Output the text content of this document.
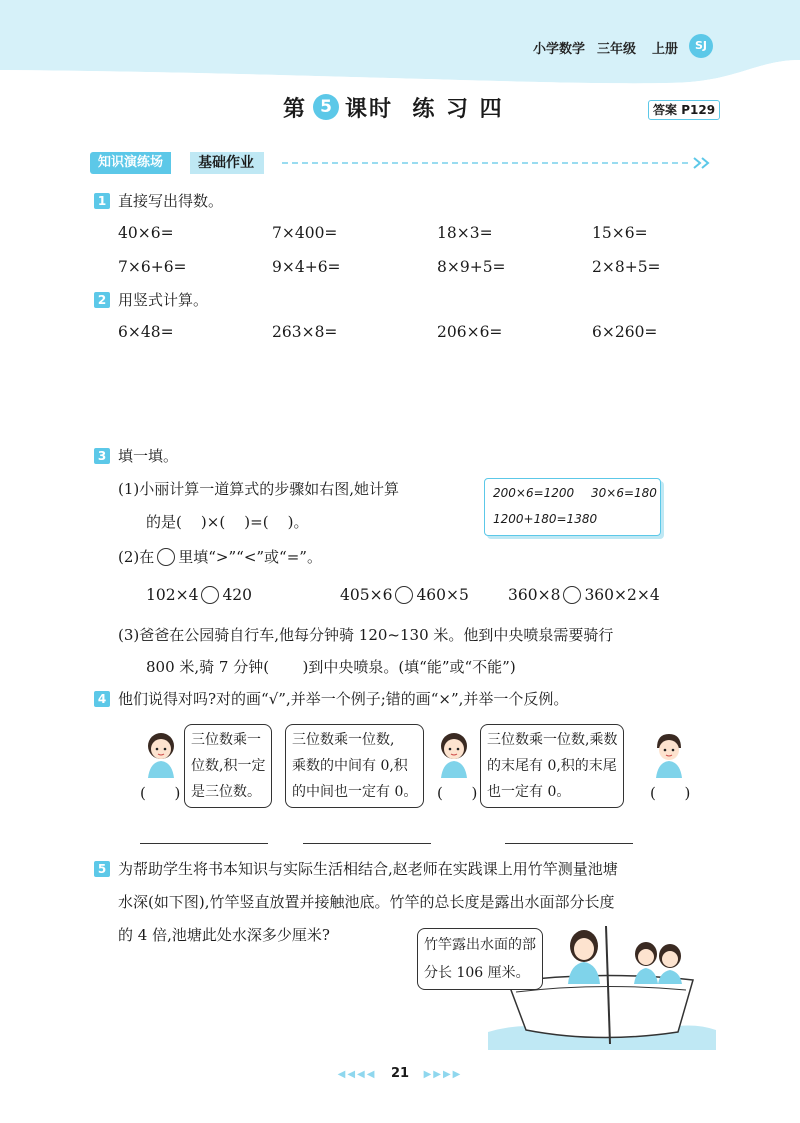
小学数学 三年级 上册	SJ
第 5 课时  练 习 四	答案 P129
知识演练场	基础作业
1 直接写出得数。
40×6=	7×400=	18×3=	15×6=
7×6+6=	9×4+6=	8×9+5=	2×8+5=
2 用竖式计算。
6×48=	263×8=	206×6=	6×260=
3 填一填。
(1)小丽计算一道算式的步骤如右图,她计算
的是(    )×(    )=(    )。
200×6=1200 30×6=180
1200+180=1380
(2)在 里填“>”“<”或“=”。
102×4 420	405×6 460×5	360×8 360×2×4
(3)爸爸在公园骑自行车,他每分钟骑 120~130 米。他到中央喷泉需要骑行
800 米,骑 7 分钟(       )到中央喷泉。(填“能”或“不能”)
4 他们说得对吗?对的画“√”,并举一个例子;错的画“×”,并举一个反例。
(      )
三位数乘一
位数,积一定
是三位数。
三位数乘一位数,
乘数的中间有 0,积
的中间也一定有 0。 (      )
三位数乘一位数,乘数
的末尾有 0,积的末尾
也一定有 0。	(      )
5 为帮助学生将书本知识与实际生活相结合,赵老师在实践课上用竹竿测量池塘
水深(如下图),竹竿竖直放置并接触池底。竹竿的总长度是露出水面部分长度
的 4 倍,池塘此处水深多少厘米?
竹竿露出水面的部
分长 106 厘米。
◀◀◀◀ 21 ▶▶▶▶
